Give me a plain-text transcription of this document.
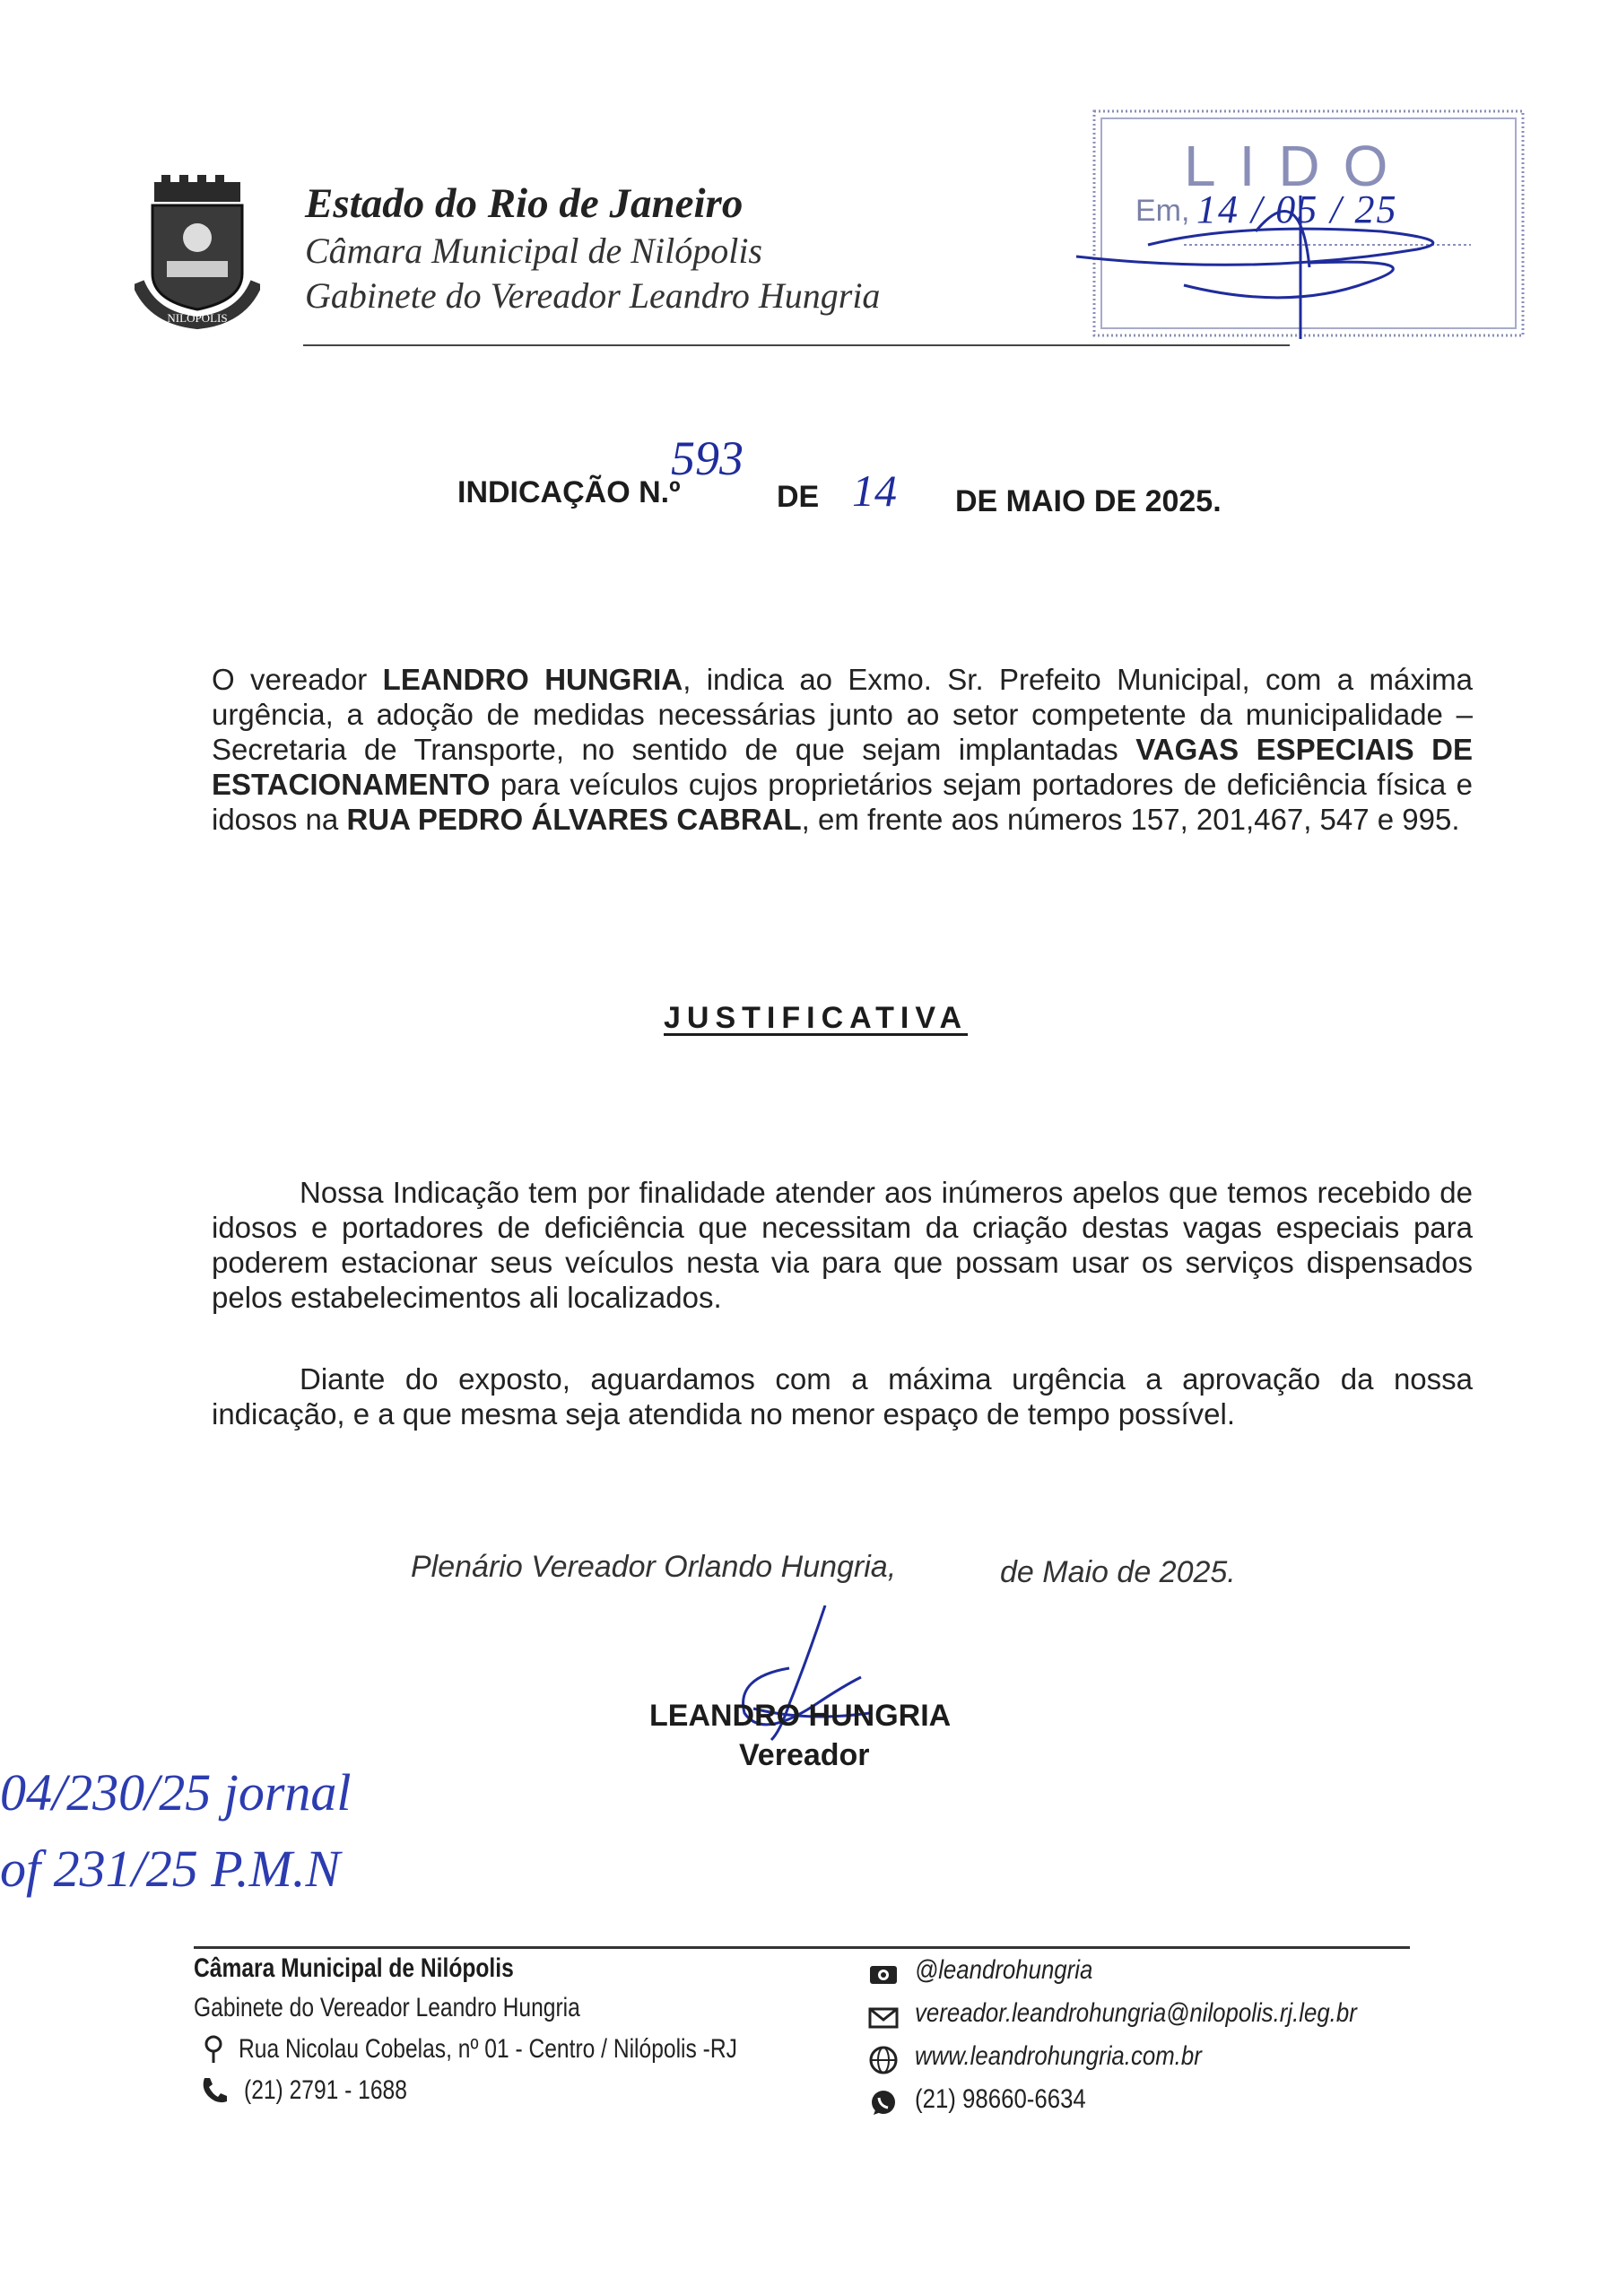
NILÓPOLIS
Estado do Rio de Janeiro
Câmara Municipal de Nilópolis
Gabinete do Vereador Leandro Hungria
LIDO
Em, 14 / 05 / 25
INDICAÇÃO N.º
593
DE 14 DE MAIO DE 2025.
O vereador LEANDRO HUNGRIA, indica ao Exmo. Sr. Prefeito Municipal, com a máxima urgência, a adoção de medidas necessárias junto ao setor competente da municipalidade – Secretaria de Transporte, no sentido de que sejam implantadas VAGAS ESPECIAIS DE ESTACIONAMENTO para veículos cujos proprietários sejam portadores de deficiência física e idosos na RUA PEDRO ÁLVARES CABRAL, em frente aos números 157, 201,467, 547 e 995.
JUSTIFICATIVA
Nossa Indicação tem por finalidade atender aos inúmeros apelos que temos recebido de idosos e portadores de deficiência que necessitam da criação destas vagas especiais para poderem estacionar seus veículos nesta via para que possam usar os serviços dispensados pelos estabelecimentos ali localizados.
Diante do exposto, aguardamos com a máxima urgência a aprovação da nossa indicação, e a que mesma seja atendida no menor espaço de tempo possível.
Plenário Vereador Orlando Hungria,	de Maio de 2025.
LEANDRO HUNGRIA
Vereador
04/230/25 jornal
of 231/25 P.M.N
Câmara Municipal de Nilópolis
Gabinete do Vereador Leandro Hungria
Rua Nicolau Cobelas, nº 01 - Centro / Nilópolis -RJ
(21) 2791 - 1688
@leandrohungria
vereador.leandrohungria@nilopolis.rj.leg.br
www.leandrohungria.com.br
(21) 98660-6634
